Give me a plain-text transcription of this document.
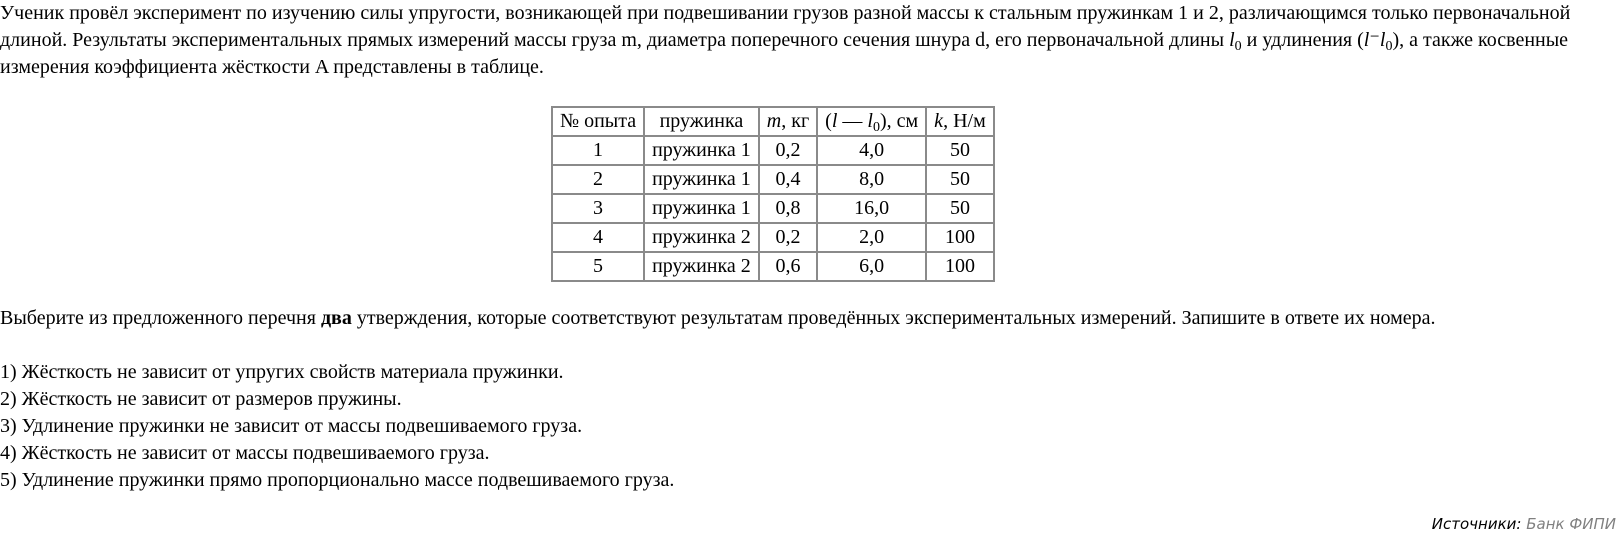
Ученик провёл эксперимент по изучению силы упругости, возникающей при подвешивании грузов разной массы к стальным пружинкам 1 и 2, различающимся только первоначальной длиной. Результаты экспериментальных прямых измерений массы груза m, диаметра поперечного сечения шнура d, его первоначальной длины $l_0$ и удлинения $(l^-l_0)$, а также косвенные измерения коэффициента жёсткости A представлены в таблице.

№ опыта	пружинка	m, кг	(l — $l_0$), см	k, Н/м
1	пружинка 1	0,2	4,0	50
2	пружинка 1	0,4	8,0	50
3	пружинка 1	0,8	16,0	50
4	пружинка 2	0,2	2,0	100
5	пружинка 2	0,6	6,0	100

Выберите из предложенного перечня два утверждения, которые соответствуют результатам проведённых экспериментальных измерений. Запишите в ответе их номера.

1) Жёсткость не зависит от упругих свойств материала пружинки.
2) Жёсткость не зависит от размеров пружины.
3) Удлинение пружинки не зависит от массы подвешиваемого груза.
4) Жёсткость не зависит от массы подвешиваемого груза.
5) Удлинение пружинки прямо пропорционально массе подвешиваемого груза.
Источники: Банк ФИПИ
